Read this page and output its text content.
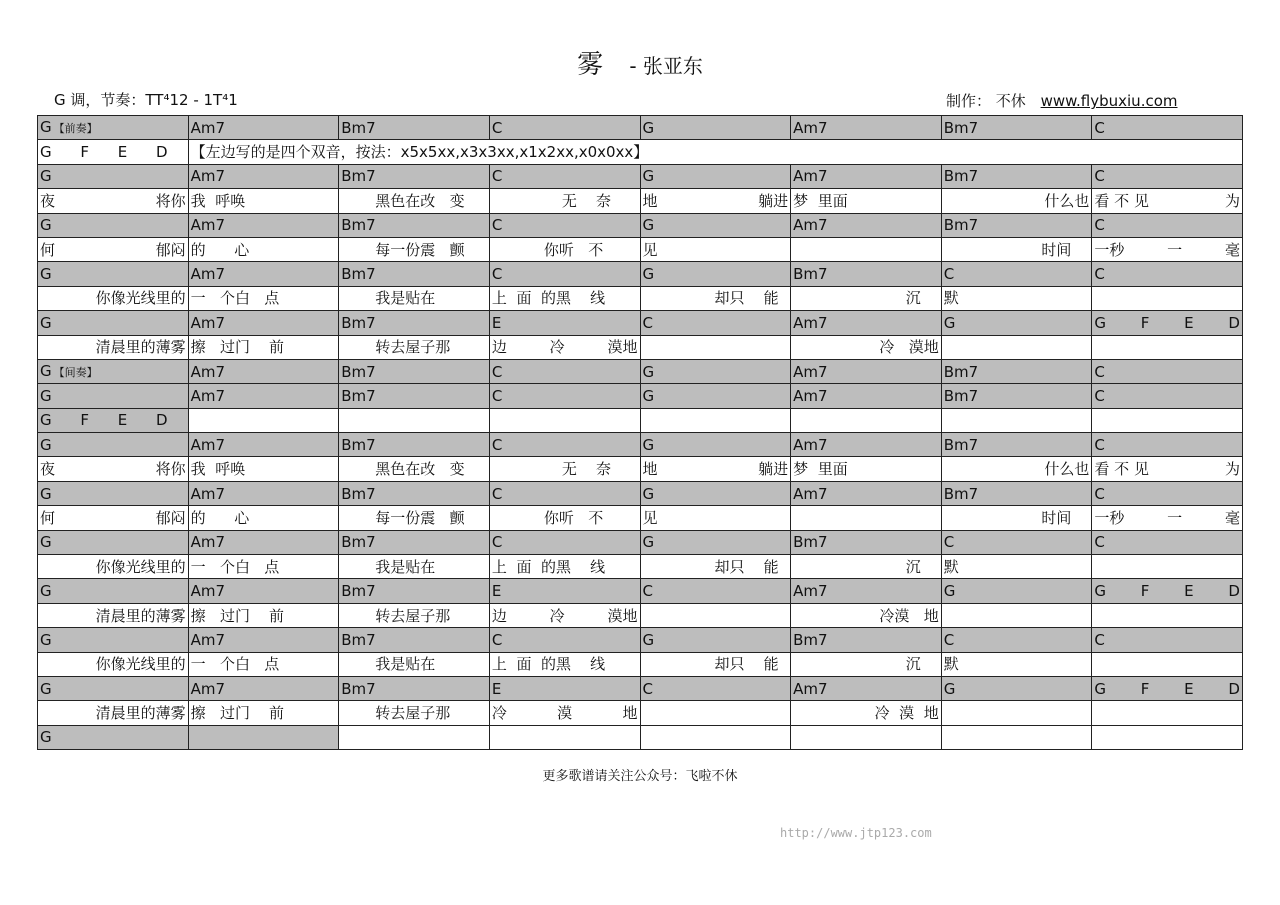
雾 - 张亚东
G 调，节奏：TT⁴12 - 1T⁴1	制作： 不休 www.flybuxiu.com
G 【前奏】	Am7	Bm7	C	G	Am7	Bm7	C

G F E D	【左边写的是四个双音，按法：x5x5xx,x3x3xx,x1x2xx,x0x0xx】						
G	Am7	Bm7	C	G	Am7	Bm7	C

夜 将你	我 呼唤	黑色在改 变	无 奈	地 躺进	梦 里面	什么也	看 不 见 为

G	Am7	Bm7	C	G	Am7	Bm7	C

何 郁闷	的 心	每一份震 颤	你听 不	见		时间	一秒 一 毫

G	Am7	Bm7	C	G	Bm7	C	C
你像光线里的	一 个白 点	我是贴在	上 面 的黑 线	却只 能	沉	默	
G	Am7	Bm7	E	C	Am7	G	G F E D

清晨里的薄雾	擦 过门 前	转去屋子那	边 冷 漠地		冷 漠地		
G 【间奏】	Am7	Bm7	C	G	Am7	Bm7	C
G	Am7	Bm7	C	G	Am7	Bm7	C

G F E D							

G	Am7	Bm7	C	G	Am7	Bm7	C

夜 将你	我 呼唤	黑色在改 变	无 奈	地 躺进	梦 里面	什么也	看 不 见 为

G	Am7	Bm7	C	G	Am7	Bm7	C

何 郁闷	的 心	每一份震 颤	你听 不	见		时间	一秒 一 毫

G	Am7	Bm7	C	G	Bm7	C	C
你像光线里的	一 个白 点	我是贴在	上 面 的黑 线	却只 能	沉	默	
G	Am7	Bm7	E	C	Am7	G	G F E D

清晨里的薄雾	擦 过门 前	转去屋子那	边 冷 漠地		冷漠 地		
G	Am7	Bm7	C	G	Bm7	C	C
你像光线里的	一 个白 点	我是贴在	上 面 的黑 线	却只 能	沉	默	
G	Am7	Bm7	E	C	Am7	G	G F E D

清晨里的薄雾	擦 过门 前	转去屋子那	冷 漠 地		冷 漠 地		
G							
更多歌谱请关注公众号：飞啦不休
http://www.jtp123.com
